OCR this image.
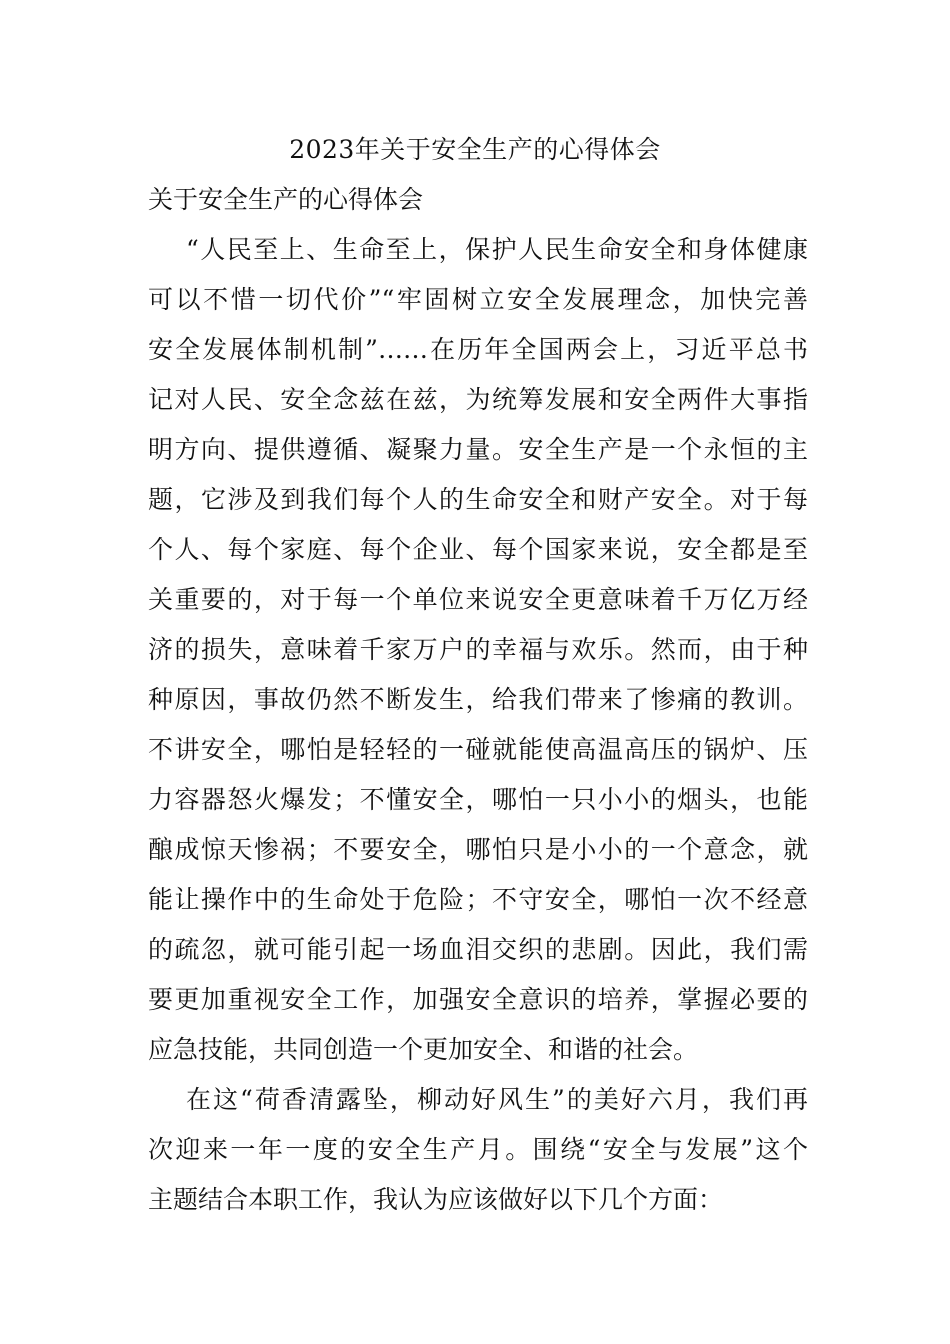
2023年关于安全生产的心得体会
关于安全生产的心得体会
“人民至上、生命至上，保护人民生命安全和身体健康
可以不惜一切代价”“牢固树立安全发展理念，加快完善
安全发展体制机制”……在历年全国两会上，习近平总书
记对人民、安全念兹在兹，为统筹发展和安全两件大事指
明方向、提供遵循、凝聚力量。安全生产是一个永恒的主
题，它涉及到我们每个人的生命安全和财产安全。对于每
个人、每个家庭、每个企业、每个国家来说，安全都是至
关重要的，对于每一个单位来说安全更意味着千万亿万经
济的损失，意味着千家万户的幸福与欢乐。然而，由于种
种原因，事故仍然不断发生，给我们带来了惨痛的教训。
不讲安全，哪怕是轻轻的一碰就能使高温高压的锅炉、压
力容器怒火爆发；不懂安全，哪怕一只小小的烟头，也能
酿成惊天惨祸；不要安全，哪怕只是小小的一个意念，就
能让操作中的生命处于危险；不守安全，哪怕一次不经意
的疏忽，就可能引起一场血泪交织的悲剧。因此，我们需
要更加重视安全工作，加强安全意识的培养，掌握必要的
应急技能，共同创造一个更加安全、和谐的社会。
在这“荷香清露坠，柳动好风生”的美好六月，我们再
次迎来一年一度的安全生产月。围绕“安全与发展”这个
主题结合本职工作，我认为应该做好以下几个方面：
